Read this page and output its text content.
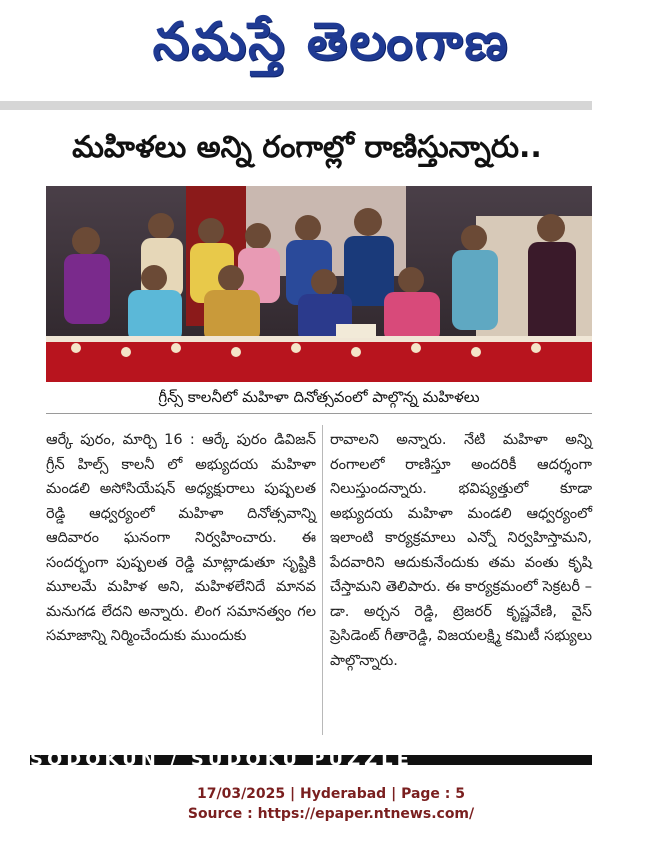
నమస్తే తెలంగాణ
మహిళలు అన్ని రంగాల్లో రాణిస్తున్నారు..
గ్రీన్స్ కాలనీలో మహిళా దినోత్సవంలో పాల్గొన్న మహిళలు

ఆర్కే పురం, మార్చి 16 : ఆర్కే పురం డివిజన్ గ్రీన్ హిల్స్ కాలనీ లో అభ్యుదయ మహిళా మండలి అసోసియేషన్ అధ్యక్షురాలు పుష్పలత రెడ్డి ఆధ్వర్యంలో మహిళా దినోత్సవాన్ని ఆదివారం ఘనంగా నిర్వహించారు. ఈ సందర్భంగా పుష్పలత రెడ్డి మాట్లాడుతూ సృష్టికి మూలమే మహిళ అని, మహిళలేనిదే మానవ మనుగడ లేదని అన్నారు. లింగ సమానత్వం గల సమాజాన్ని నిర్మించేందుకు ముందుకు

రావాలని అన్నారు. నేటి మహిళా అన్ని రంగాలలో రాణిస్తూ అందరికీ ఆదర్శంగా నిలుస్తుందన్నారు. భవిష్యత్తులో కూడా అభ్యుదయ మహిళా మండలి ఆధ్వర్యంలో ఇలాంటి కార్యక్రమాలు ఎన్నో నిర్వహిస్తామని, పేదవారిని ఆదుకునేందుకు తమ వంతు కృషి చేస్తామని తెలిపారు. ఈ కార్యక్రమంలో సెక్రటరీ – డా. అర్చన రెడ్డి, ట్రెజరర్ కృష్ణవేణి, వైస్ ప్రెసిడెంట్ గీతారెడ్డి, విజయలక్ష్మి కమిటీ సభ్యులు పాల్గొన్నారు.

SODOKUN / SUDOKU PUZZLE
17/03/2025 | Hyderabad | Page : 5
Source : https://epaper.ntnews.com/
